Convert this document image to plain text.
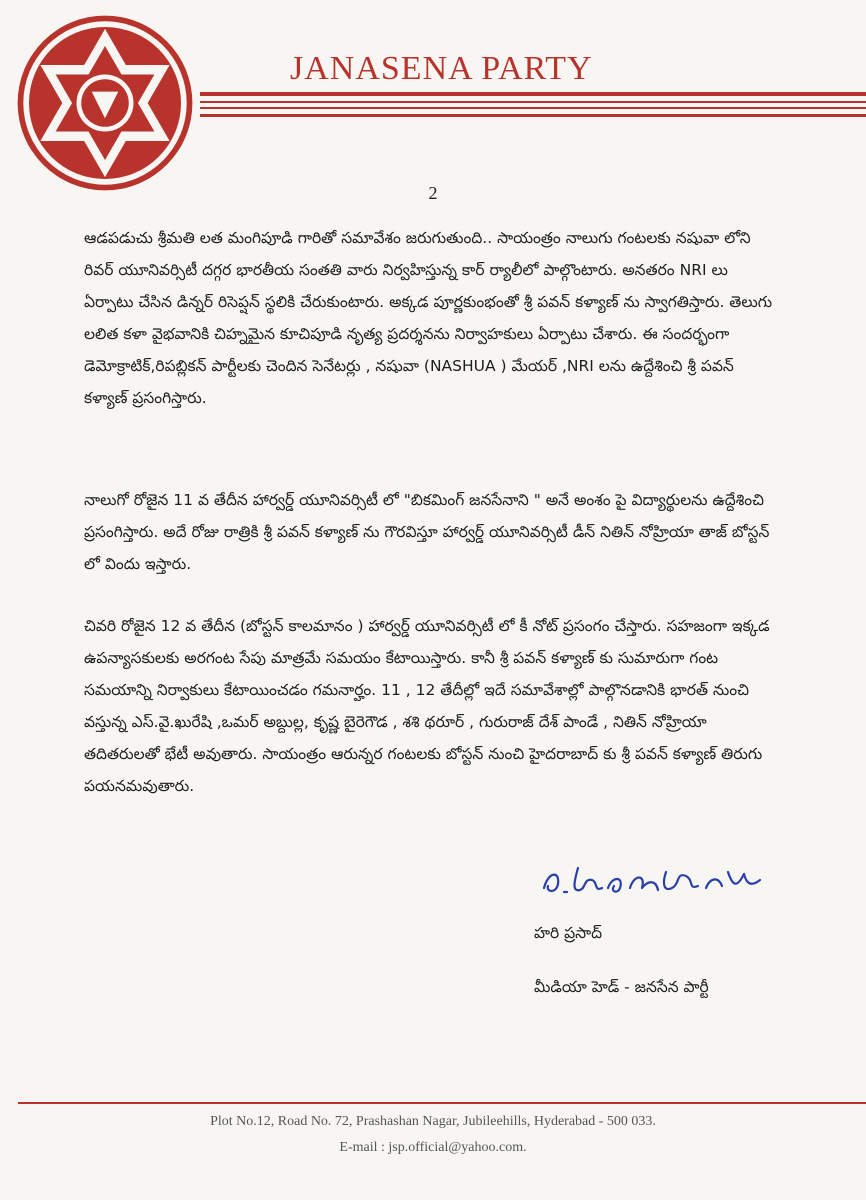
JANASENA PARTY
2
ఆడపడుచు శ్రీమతి లత మంగిపూడి గారితో సమావేశం జరుగుతుంది.. సాయంత్రం నాలుగు గంటలకు నషువా లోని రివర్ యూనివర్సిటీ దగ్గర భారతీయ సంతతి వారు నిర్వహిస్తున్న కార్ ర్యాలీలో పాల్గొంటారు. అనతరం NRI లు ఏర్పాటు చేసిన డిన్నర్ రిసెప్షన్ స్థలికి చేరుకుంటారు. అక్కడ పూర్ణకుంభంతో శ్రీ పవన్ కళ్యాణ్ ను స్వాగతిస్తారు. తెలుగు లలిత కళా వైభవానికి చిహ్నమైన కూచిపూడి నృత్య ప్రదర్శనను నిర్వాహకులు ఏర్పాటు చేశారు. ఈ సందర్భంగా డెమోక్రాటిక్,రిపబ్లికన్ పార్టీలకు చెందిన సెనేటర్లు , నషువా (NASHUA ) మేయర్ ,NRI లను ఉద్దేశించి శ్రీ పవన్ కళ్యాణ్ ప్రసంగిస్తారు.
నాలుగో రోజైన 11 వ తేదీన హార్వర్డ్ యూనివర్సిటీ లో "బికమింగ్ జనసేనాని " అనే అంశం పై విద్యార్థులను ఉద్దేశించి ప్రసంగిస్తారు. అదే రోజు రాత్రికి శ్రీ పవన్ కళ్యాణ్ ను గౌరవిస్తూ హార్వర్డ్ యూనివర్సిటీ డీన్ నితిన్ నోహ్రియా తాజ్ బోస్టన్ లో విందు ఇస్తారు.
చివరి రోజైన 12 వ తేదీన (బోస్టన్ కాలమానం ) హార్వర్డ్ యూనివర్సిటీ లో కీ నోట్ ప్రసంగం చేస్తారు. సహజంగా ఇక్కడ ఉపన్యాసకులకు అరగంట సేపు మాత్రమే సమయం కేటాయిస్తారు. కానీ శ్రీ పవన్ కళ్యాణ్ కు సుమారుగా గంట సమయాన్ని నిర్వాకులు కేటాయించడం గమనార్హం. 11 , 12 తేదీల్లో ఇదే సమావేశాల్లో పాల్గొనడానికి భారత్ నుంచి వస్తున్న ఎస్.వై.ఖురేషి ,ఒమర్ అబ్దుల్ల, కృష్ణ బైరెగౌడ , శశి థరూర్ , గురురాజ్ దేశ్ పాండే , నితిన్ నోహ్రియా తదితరులతో భేటీ అవుతారు. సాయంత్రం ఆరున్నర గంటలకు బోస్టన్ నుంచి హైదరాబాద్ కు శ్రీ పవన్ కళ్యాణ్ తిరుగు పయనమవుతారు.
హరి ప్రసాద్
మీడియా హెడ్ - జనసేన పార్టీ
Plot No.12, Road No. 72, Prashashan Nagar, Jubileehills, Hyderabad - 500 033.
E-mail : jsp.official@yahoo.com.
